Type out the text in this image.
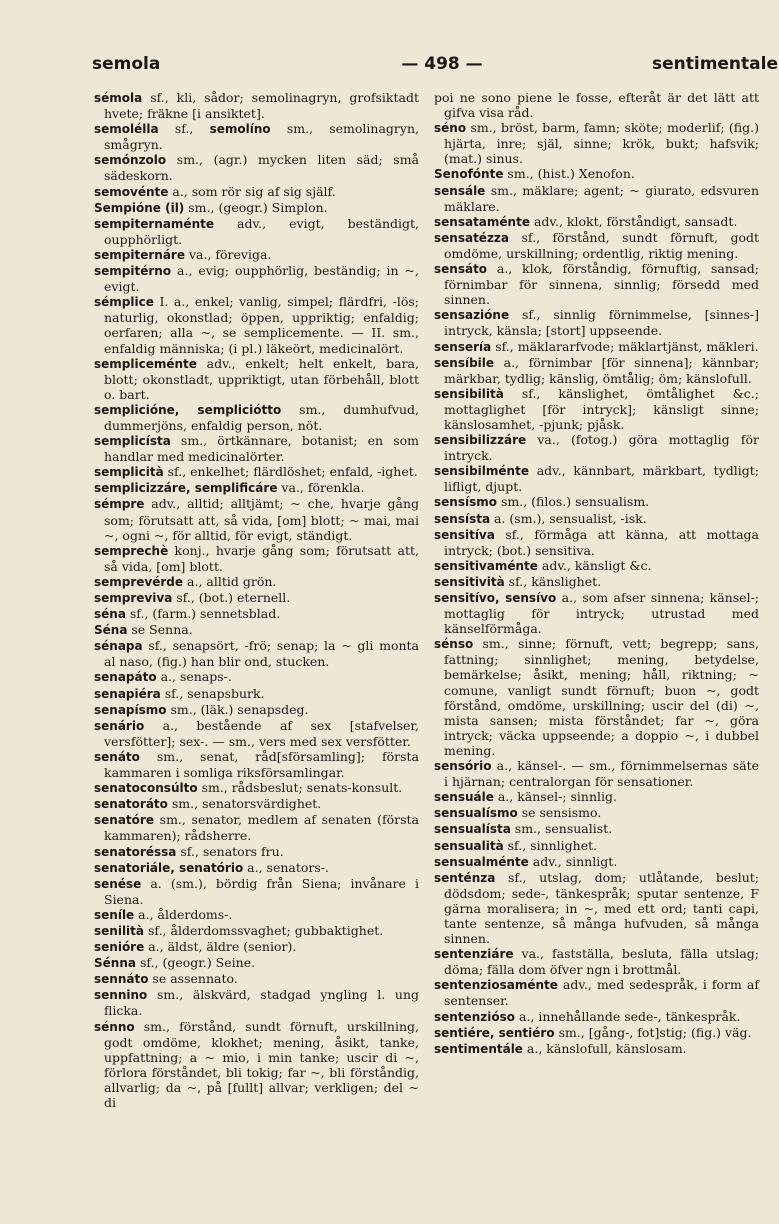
semola	— 498 —	sentimentale

sémola sf., kli, sådor; semolinagryn, grofsiktadt hvete; fräkne [i ansiktet].

semolélla sf., semolíno sm., semolinagryn, smågryn.

semónzolo sm., (agr.) mycken liten säd; små sädeskorn.

semovénte a., som rör sig af sig själf.

Sempióne (il) sm., (geogr.) Simplon.

sempiternaménte adv., evigt, beständigt, oupphörligt.

sempiternáre va., föreviga.

sempitérno a., evig; oupphörlig, beständig; in ~, evigt.

sémplice I. a., enkel; vanlig, simpel; flärdfri, -lös; naturlig, okonstlad; öppen, uppriktig; enfaldig; oerfaren; alla ~, se semplicemente. — II. sm., enfaldig människa; (i pl.) läkeört, medicinalört.

sempliceménte adv., enkelt; helt enkelt, bara, blott; okonstladt, uppriktigt, utan förbehåll, blott o. bart.

semplicióne, sempliciótto sm., dumhufvud, dummerjöns, enfaldig person, nöt.

semplicísta sm., örtkännare, botanist; en som handlar med medicinalörter.

semplicità sf., enkelhet; flärdlöshet; enfald, -ighet.

semplicizzáre, semplificáre va., förenkla.

sémpre adv., alltid; alltjämt; ~ che, hvarje gång som; förutsatt att, så vida, [om] blott; ~ mai, mai ~, ogni ~, för alltid, för evigt, ständigt.

semprechè konj., hvarje gång som; förutsatt att, så vida, [om] blott.

semprevérde a., alltid grön.

sempreviva sf., (bot.) eternell.

séna sf., (farm.) sennetsblad.

Séna se Senna.

sénapa sf., senapsört, -frö; senap; la ~ gli monta al naso, (fig.) han blir ond, stucken.

senapáto a., senaps-.

senapiéra sf., senapsburk.

senapísmo sm., (läk.) senapsdeg.

senário a., bestående af sex [stafvelser, versfötter]; sex-. — sm., vers med sex versfötter.

senáto sm., senat, råd[sförsamling]; första kammaren i somliga riksförsamlingar.

senatoconsúlto sm., rådsbeslut; senats-konsult.

senatoráto sm., senatorsvärdighet.

senatóre sm., senator, medlem af senaten (första kammaren); rådsherre.

senatoréssa sf., senators fru.

senatoriále, senatório a., senators-.

senése a. (sm.), bördig från Siena; invånare i Siena.

seníle a., ålderdoms-.

senilità sf., ålderdomssvaghet; gubbaktighet.

senióre a., äldst, äldre (senior).

Sénna sf., (geogr.) Seine.

sennáto se assennato.

sennino sm., älskvärd, stadgad yngling l. ung flicka.

sénno sm., förstånd, sundt förnuft, urskillning, godt omdöme, klokhet; mening, åsikt, tanke, uppfattning; a ~ mio, i min tanke; uscir di ~, förlora förståndet, bli tokig; far ~, bli förståndig, allvarlig; da ~, på [fullt] allvar; verkligen; del ~ di

poi ne sono piene le fosse, efteråt är det lätt att gifva visa råd.

séno sm., bröst, barm, famn; sköte; moderlif; (fig.) hjärta, inre; själ, sinne; krök, bukt; hafsvik; (mat.) sinus.

Senofónte sm., (hist.) Xenofon.

sensále sm., mäklare; agent; ~ giurato, edsvuren mäklare.

sensataménte adv., klokt, förståndigt, sansadt.

sensatézza sf., förstånd, sundt förnuft, godt omdöme, urskillning; ordentlig, riktig mening.

sensáto a., klok, förståndig, förnuftig, sansad; förnimbar för sinnena, sinnlig; försedd med sinnen.

sensazióne sf., sinnlig förnimmelse, [sinnes-] intryck, känsla; [stort] uppseende.

sensería sf., mäklararfvode; mäklartjänst, mäkleri.

sensíbile a., förnimbar [för sinnena]; kännbar; märkbar, tydlig; känslig, ömtålig; öm; känslofull.

sensibilità sf., känslighet, ömtålighet &c.; mottaglighet [för intryck]; känsligt sinne; känslosamhet, -pjunk; pjåsk.

sensibilizzáre va., (fotog.) göra mottaglig för intryck.

sensibilménte adv., kännbart, märkbart, tydligt; lifligt, djupt.

sensísmo sm., (filos.) sensualism.

sensísta a. (sm.), sensualist, -isk.

sensitíva sf., förmåga att känna, att mottaga intryck; (bot.) sensitiva.

sensitivaménte adv., känsligt &c.

sensitività sf., känslighet.

sensitívo, sensívo a., som afser sinnena; känsel-; mottaglig för intryck; utrustad med känselförmåga.

sénso sm., sinne; förnuft, vett; begrepp; sans, fattning; sinnlighet; mening, betydelse, bemärkelse; åsikt, mening; håll, riktning; ~ comune, vanligt sundt förnuft; buon ~, godt förstånd, omdöme, urskillning; uscir del (di) ~, mista sansen; mista förståndet; far ~, göra intryck; väcka uppseende; a doppio ~, i dubbel mening.

sensório a., känsel-. — sm., förnimmelsernas säte i hjärnan; centralorgan för sensationer.

sensuále a., känsel-; sinnlig.

sensualísmo se sensismo.

sensualísta sm., sensualist.

sensualità sf., sinnlighet.

sensualménte adv., sinnligt.

senténza sf., utslag, dom; utlåtande, beslut; dödsdom; sede-, tänkespråk; sputar sentenze, F gärna moralisera; in ~, med ett ord; tanti capi, tante sentenze, så många hufvuden, så många sinnen.

sentenziáre va., fastställa, besluta, fälla utslag; döma; fälla dom öfver ngn i brottmål.

sentenziosaménte adv., med sedespråk, i form af sentenser.

sentenzióso a., innehållande sede-, tänkespråk.

sentiére, sentiéro sm., [gång-, fot]stig; (fig.) väg.

sentimentále a., känslofull, känslosam.
